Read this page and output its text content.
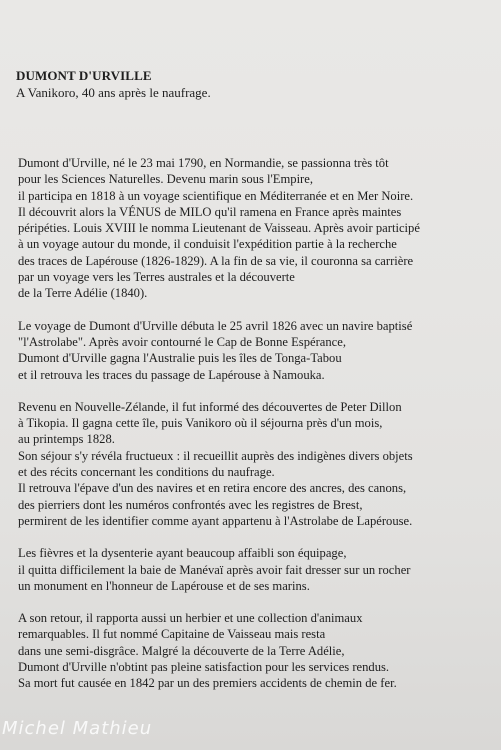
DUMONT D'URVILLE
A Vanikoro, 40 ans après le naufrage.

Dumont d'Urville, né le 23 mai 1790, en Normandie, se passionna très tôt
pour les Sciences Naturelles. Devenu marin sous l'Empire,
il participa en 1818 à un voyage scientifique en Méditerranée et en Mer Noire.
Il découvrit alors la VÉNUS de MILO qu'il ramena en France après maintes
péripéties. Louis XVIII le nomma Lieutenant de Vaisseau. Après avoir participé
à un voyage autour du monde, il conduisit l'expédition partie à la recherche
des traces de Lapérouse (1826-1829). A la fin de sa vie, il couronna sa carrière
par un voyage vers les Terres australes et la découverte
de la Terre Adélie (1840).

Le voyage de Dumont d'Urville débuta le 25 avril 1826 avec un navire baptisé
"l'Astrolabe". Après avoir contourné le Cap de Bonne Espérance,
Dumont d'Urville gagna l'Australie puis les îles de Tonga-Tabou
et il retrouva les traces du passage de Lapérouse à Namouka.

Revenu en Nouvelle-Zélande, il fut informé des découvertes de Peter Dillon
à Tikopia. Il gagna cette île, puis Vanikoro où il séjourna près d'un mois,
au printemps 1828.
Son séjour s'y révéla fructueux : il recueillit auprès des indigènes divers objets
et des récits concernant les conditions du naufrage.
Il retrouva l'épave d'un des navires et en retira encore des ancres, des canons,
des pierriers dont les numéros confrontés avec les registres de Brest,
permirent de les identifier comme ayant appartenu à l'Astrolabe de Lapérouse.

Les fièvres et la dysenterie ayant beaucoup affaibli son équipage,
il quitta difficilement la baie de Manévaï après avoir fait dresser sur un rocher
un monument en l'honneur de Lapérouse et de ses marins.

A son retour, il rapporta aussi un herbier et une collection d'animaux
remarquables. Il fut nommé Capitaine de Vaisseau mais resta
dans une semi-disgrâce. Malgré la découverte de la Terre Adélie,
Dumont d'Urville n'obtint pas pleine satisfaction pour les services rendus.
Sa mort fut causée en 1842 par un des premiers accidents de chemin de fer.

Michel Mathieu
